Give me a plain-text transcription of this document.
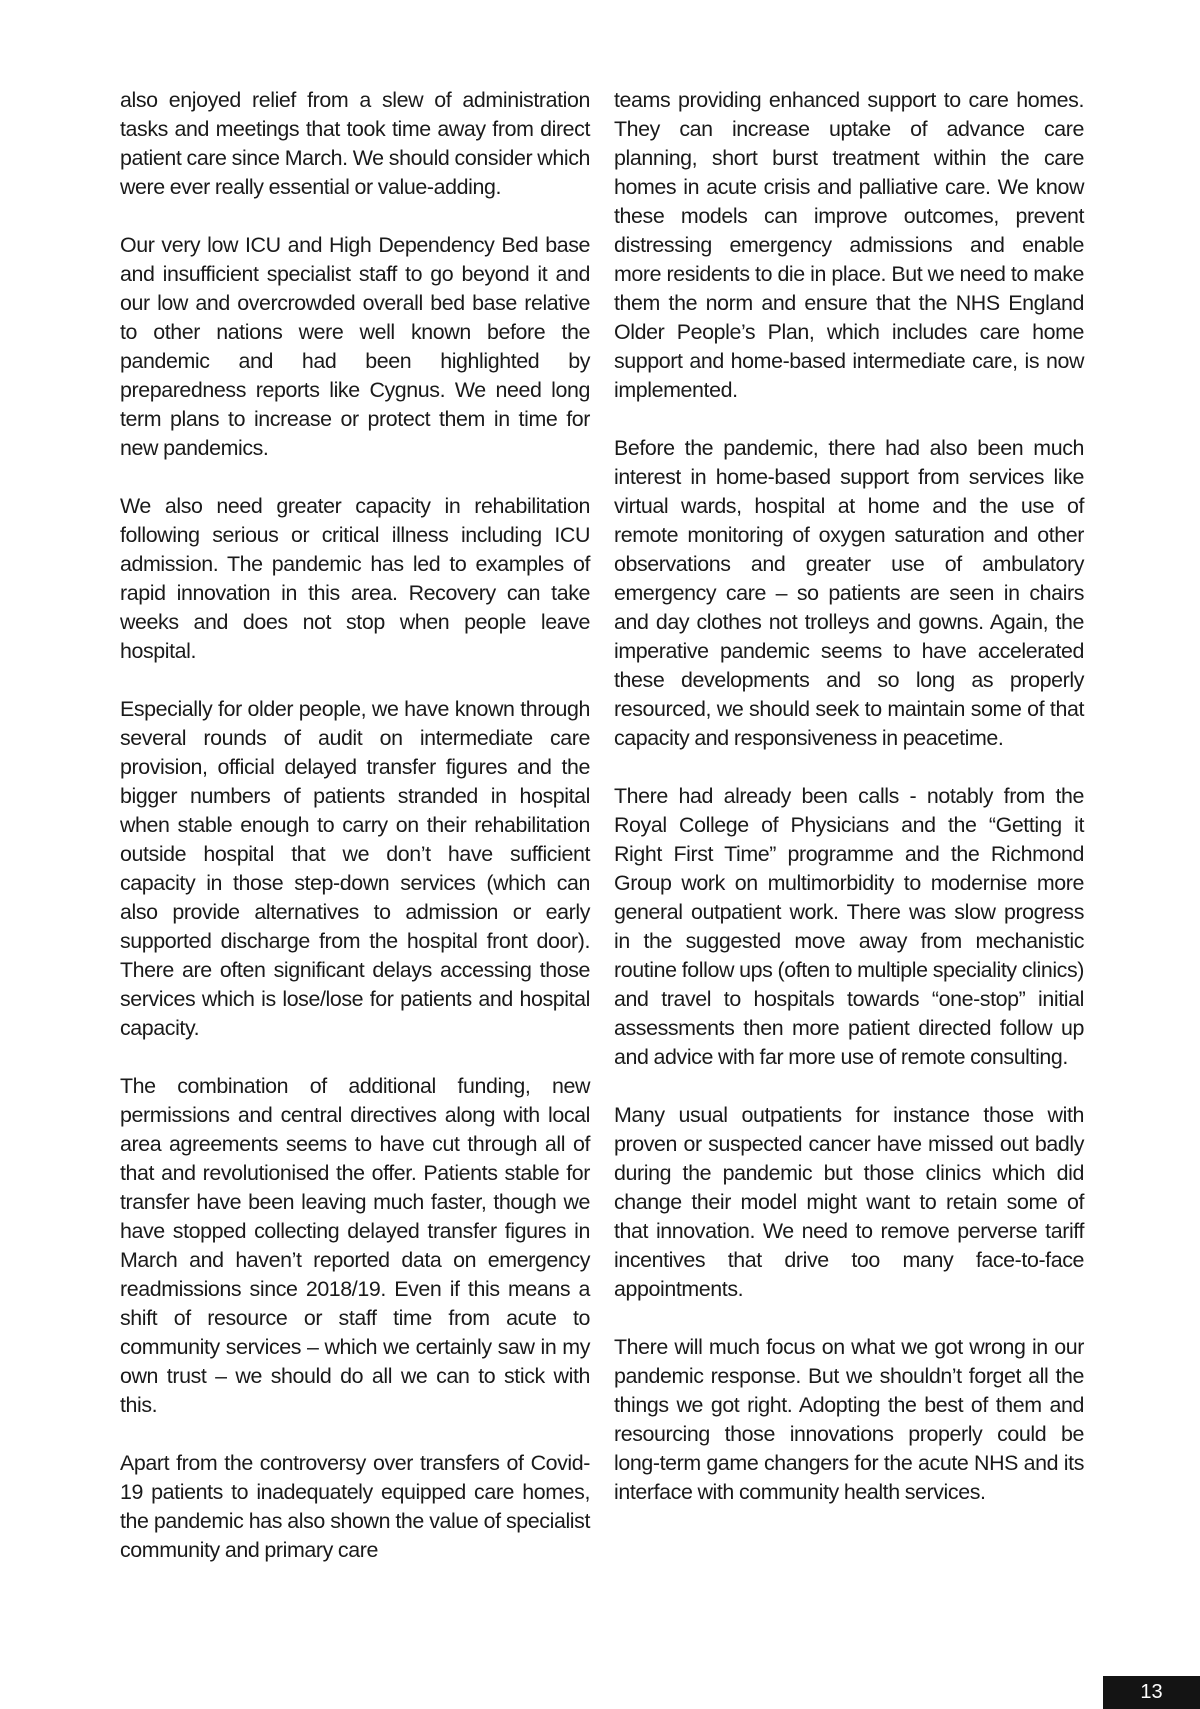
also enjoyed relief from a slew of administration tasks and meetings that took time away from direct patient care since March. We should consider which were ever really essential or value-adding.

Our very low ICU and High Dependency Bed base and insufficient specialist staff to go beyond it and our low and overcrowded overall bed base relative to other nations were well known before the pandemic and had been highlighted by preparedness reports like Cygnus. We need long term plans to increase or protect them in time for new pandemics.

We also need greater capacity in rehabilitation following serious or critical illness including ICU admission. The pandemic has led to examples of rapid innovation in this area. Recovery can take weeks and does not stop when people leave hospital.

Especially for older people, we have known through several rounds of audit on intermediate care provision, official delayed transfer figures and the bigger numbers of patients stranded in hospital when stable enough to carry on their rehabilitation outside hospital that we don’t have sufficient capacity in those step-down services (which can also provide alternatives to admission or early supported discharge from the hospital front door). There are often significant delays accessing those services which is lose/lose for patients and hospital capacity.

The combination of additional funding, new permissions and central directives along with local area agreements seems to have cut through all of that and revolutionised the offer. Patients stable for transfer have been leaving much faster, though we have stopped collecting delayed transfer figures in March and haven’t reported data on emergency readmissions since 2018/19. Even if this means a shift of resource or staff time from acute to community services – which we certainly saw in my own trust – we should do all we can to stick with this.

Apart from the controversy over transfers of Covid-19 patients to inadequately equipped care homes, the pandemic has also shown the value of specialist community and primary care

teams providing enhanced support to care homes. They can increase uptake of advance care planning, short burst treatment within the care homes in acute crisis and palliative care. We know these models can improve outcomes, prevent distressing emergency admissions and enable more residents to die in place. But we need to make them the norm and ensure that the NHS England Older People’s Plan, which includes care home support and home-based intermediate care, is now implemented.

Before the pandemic, there had also been much interest in home-based support from services like virtual wards, hospital at home and the use of remote monitoring of oxygen saturation and other observations and greater use of ambulatory emergency care – so patients are seen in chairs and day clothes not trolleys and gowns. Again, the imperative pandemic seems to have accelerated these developments and so long as properly resourced, we should seek to maintain some of that capacity and responsiveness in peacetime.

There had already been calls - notably from the Royal College of Physicians and the “Getting it Right First Time” programme and the Richmond Group work on multimorbidity to modernise more general outpatient work. There was slow progress in the suggested move away from mechanistic routine follow ups (often to multiple speciality clinics) and travel to hospitals towards “one-stop” initial assessments then more patient directed follow up and advice with far more use of remote consulting.

Many usual outpatients for instance those with proven or suspected cancer have missed out badly during the pandemic but those clinics which did change their model might want to retain some of that innovation. We need to remove perverse tariff incentives that drive too many face-to-face appointments.

There will much focus on what we got wrong in our pandemic response. But we shouldn’t forget all the things we got right. Adopting the best of them and resourcing those innovations properly could be long-term game changers for the acute NHS and its interface with community health services.

13
